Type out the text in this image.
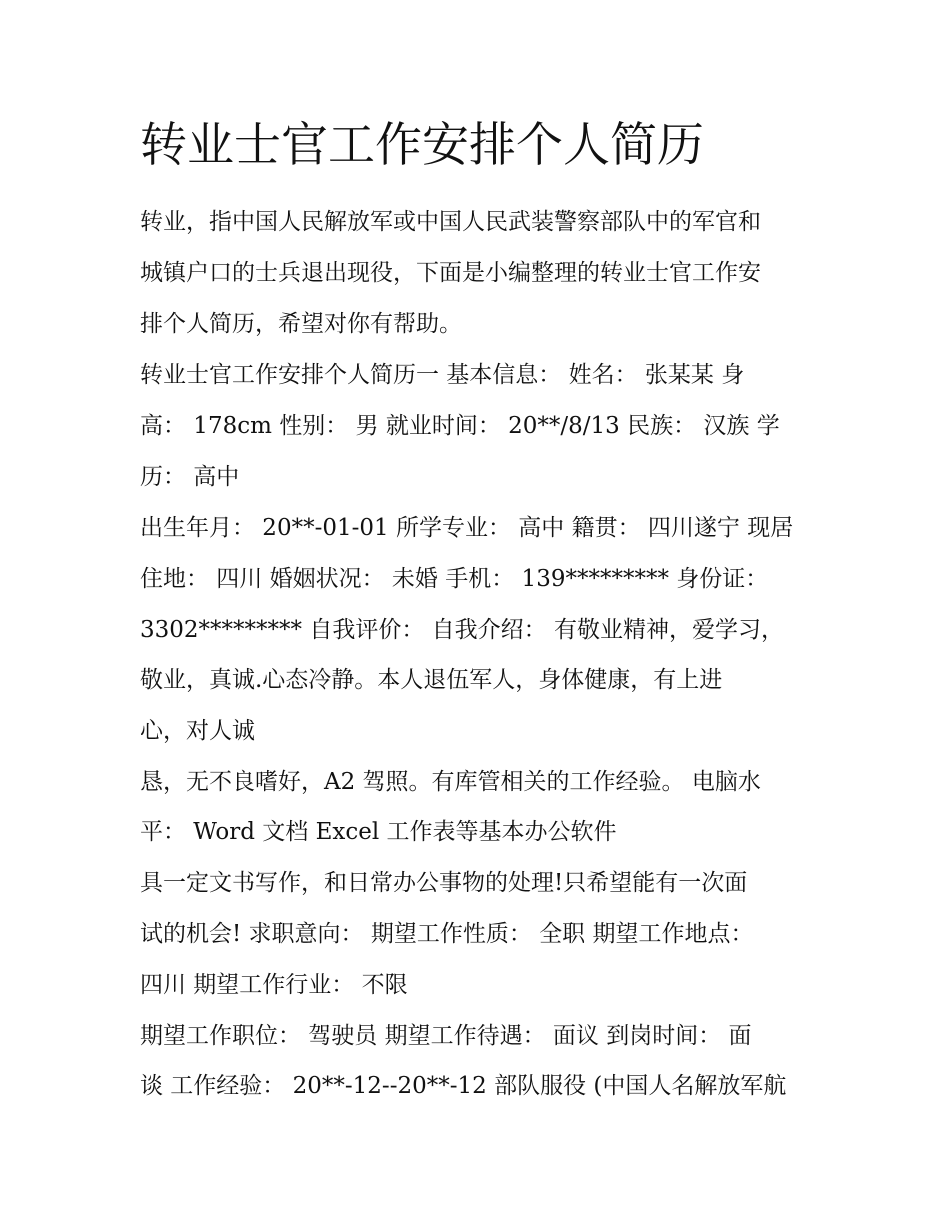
转业士官工作安排个人简历

转业，指中国人民解放军或中国人民武装警察部队中的军官和

城镇户口的士兵退出现役，下面是小编整理的转业士官工作安

排个人简历，希望对你有帮助。

转业士官工作安排个人简历一 基本信息： 姓名： 张某某 身

高： 178cm 性别： 男 就业时间： 20**/8/13 民族： 汉族 学

历： 高中

出生年月： 20**-01-01 所学专业： 高中 籍贯： 四川遂宁 现居

住地： 四川 婚姻状况： 未婚 手机： 139********* 身份证：

3302********* 自我评价： 自我介绍： 有敬业精神，爱学习，

敬业，真诚.心态冷静。本人退伍军人，身体健康，有上进

心，对人诚

恳，无不良嗜好，A2 驾照。有库管相关的工作经验。 电脑水

平： Word 文档 Excel 工作表等基本办公软件

具一定文书写作，和日常办公事物的处理!只希望能有一次面

试的机会! 求职意向： 期望工作性质： 全职 期望工作地点：

四川 期望工作行业： 不限

期望工作职位： 驾驶员 期望工作待遇： 面议 到岗时间： 面

谈 工作经验： 20**-12--20**-12 部队服役 (中国人名解放军航
